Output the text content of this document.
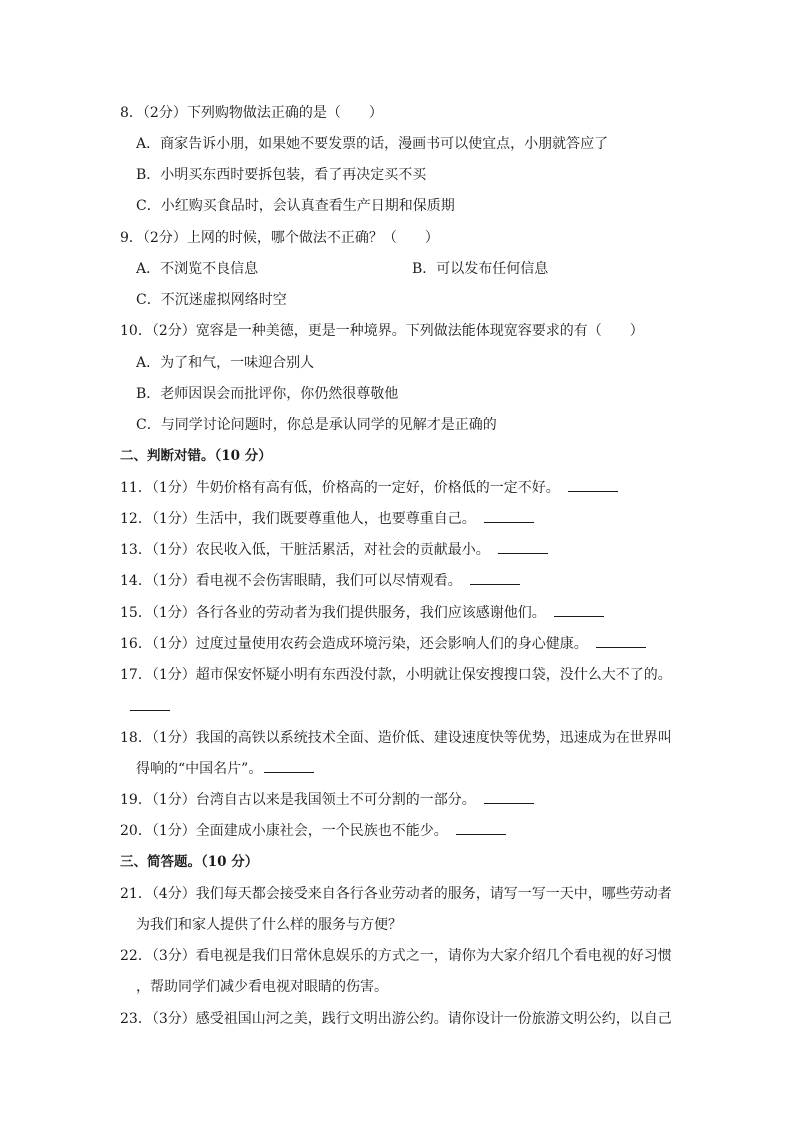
8．（2分）下列购物做法正确的是（　　）
A．商家告诉小朋，如果她不要发票的话，漫画书可以使宜点，小朋就答应了
B．小明买东西时要拆包装，看了再决定买不买
C．小红购买食品时，会认真查看生产日期和保质期
9．（2分）上网的时候，哪个做法不正确？（　　）
A．不浏览不良信息	B．可以发布任何信息
C．不沉迷虚拟网络时空
10．（2分）宽容是一种美德，更是一种境界。下列做法能体现宽容要求的有（　　）
A．为了和气，一味迎合别人
B．老师因误会而批评你，你仍然很尊敬他
C．与同学讨论问题时，你总是承认同学的见解才是正确的
二、判断对错。（10 分）
11．（1分）牛奶价格有高有低，价格高的一定好，价格低的一定不好。
12．（1分）生活中，我们既要尊重他人，也要尊重自己。
13．（1分）农民收入低，干脏活累活，对社会的贡献最小。
14．（1分）看电视不会伤害眼睛，我们可以尽情观看。
15．（1分）各行各业的劳动者为我们提供服务，我们应该感谢他们。
16．（1分）过度过量使用农药会造成环境污染，还会影响人们的身心健康。
17．（1分）超市保安怀疑小明有东西没付款，小明就让保安搜搜口袋，没什么大不了的。
18．（1分）我国的高铁以系统技术全面、造价低、建设速度快等优势，迅速成为在世界叫
得响的“中国名片”。
19．（1分）台湾自古以来是我国领土不可分割的一部分。
20．（1分）全面建成小康社会，一个民族也不能少。
三、简答题。（10 分）
21．（4分）我们每天都会接受来自各行各业劳动者的服务，请写一写一天中，哪些劳动者
为我们和家人提供了什么样的服务与方便？
22．（3分）看电视是我们日常休息娱乐的方式之一，请你为大家介绍几个看电视的好习惯
，帮助同学们减少看电视对眼睛的伤害。
23．（3分）感受祖国山河之美，践行文明出游公约。请你设计一份旅游文明公约，以自己
